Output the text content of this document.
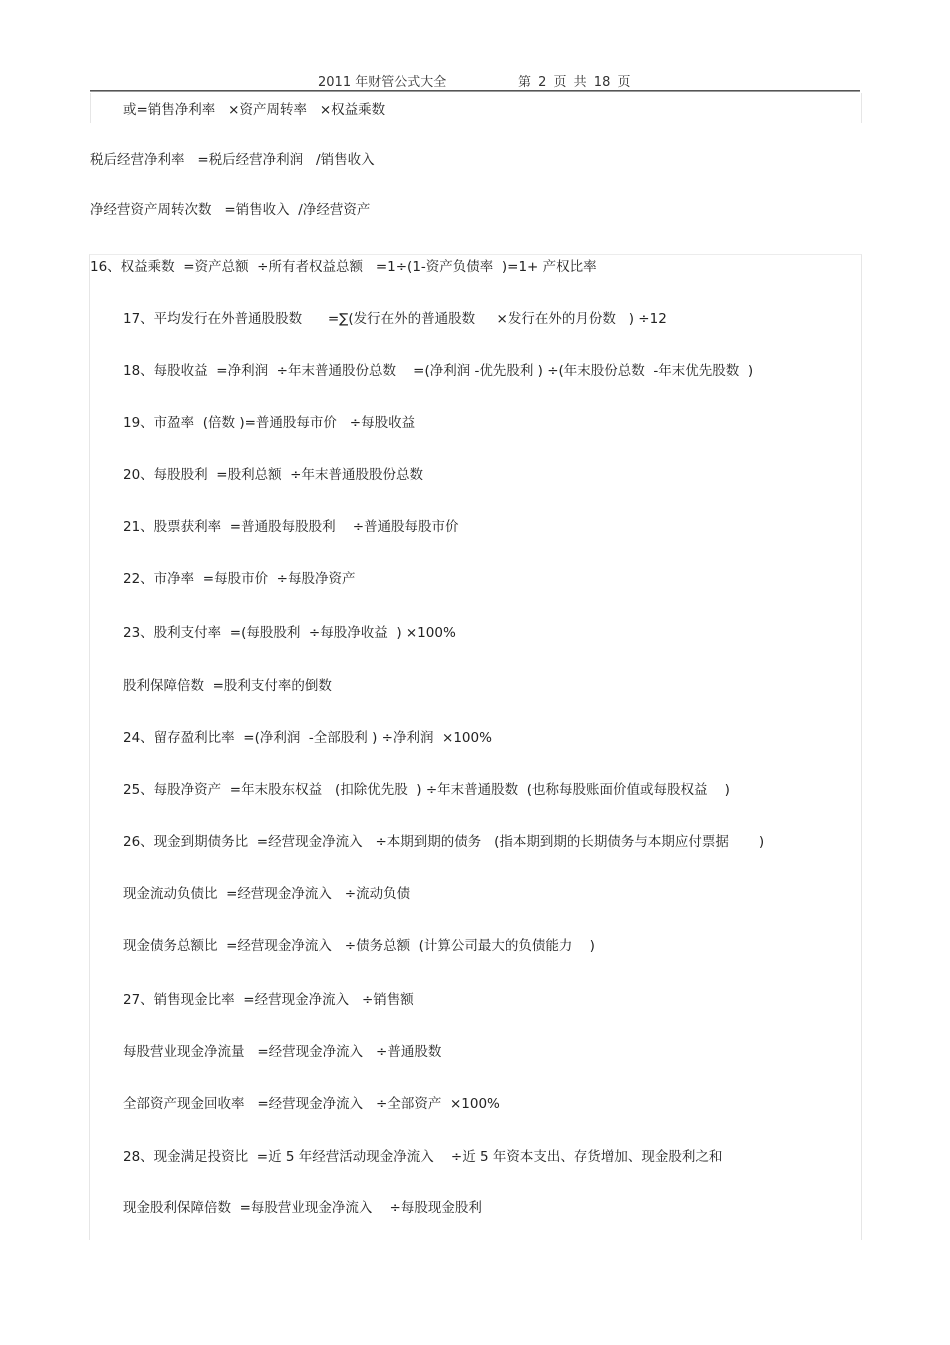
2011 年财管公式大全	第 2 页 共 18 页
或=销售净利率   ×资产周转率   ×权益乘数
税后经营净利率   =税后经营净利润   /销售收入
净经营资产周转次数   =销售收入  /净经营资产
16、权益乘数  =资产总额  ÷所有者权益总额   =1÷(1-资产负债率  )=1+ 产权比率
17、平均发行在外普通股股数      =∑(发行在外的普通股数     ×发行在外的月份数   ) ÷12
18、每股收益  =净利润  ÷年末普通股份总数    =(净利润 -优先股利 ) ÷(年末股份总数  -年末优先股数  )
19、市盈率  (倍数 )=普通股每市价   ÷每股收益
20、每股股利  =股利总额  ÷年末普通股股份总数
21、股票获利率  =普通股每股股利    ÷普通股每股市价
22、市净率  =每股市价  ÷每股净资产
23、股利支付率  =(每股股利  ÷每股净收益  ) ×100%
股利保障倍数  =股利支付率的倒数
24、留存盈利比率  =(净利润  -全部股利 ) ÷净利润  ×100%
25、每股净资产  =年末股东权益   (扣除优先股  ) ÷年末普通股数  (也称每股账面价值或每股权益    )
26、现金到期债务比  =经营现金净流入   ÷本期到期的债务   (指本期到期的长期债务与本期应付票据       )
现金流动负债比  =经营现金净流入   ÷流动负债
现金债务总额比  =经营现金净流入   ÷债务总额  (计算公司最大的负债能力    )
27、销售现金比率  =经营现金净流入   ÷销售额
每股营业现金净流量   =经营现金净流入   ÷普通股数
全部资产现金回收率   =经营现金净流入   ÷全部资产  ×100%
28、现金满足投资比  =近 5 年经营活动现金净流入    ÷近 5 年资本支出、存货增加、现金股利之和
现金股利保障倍数  =每股营业现金净流入    ÷每股现金股利
